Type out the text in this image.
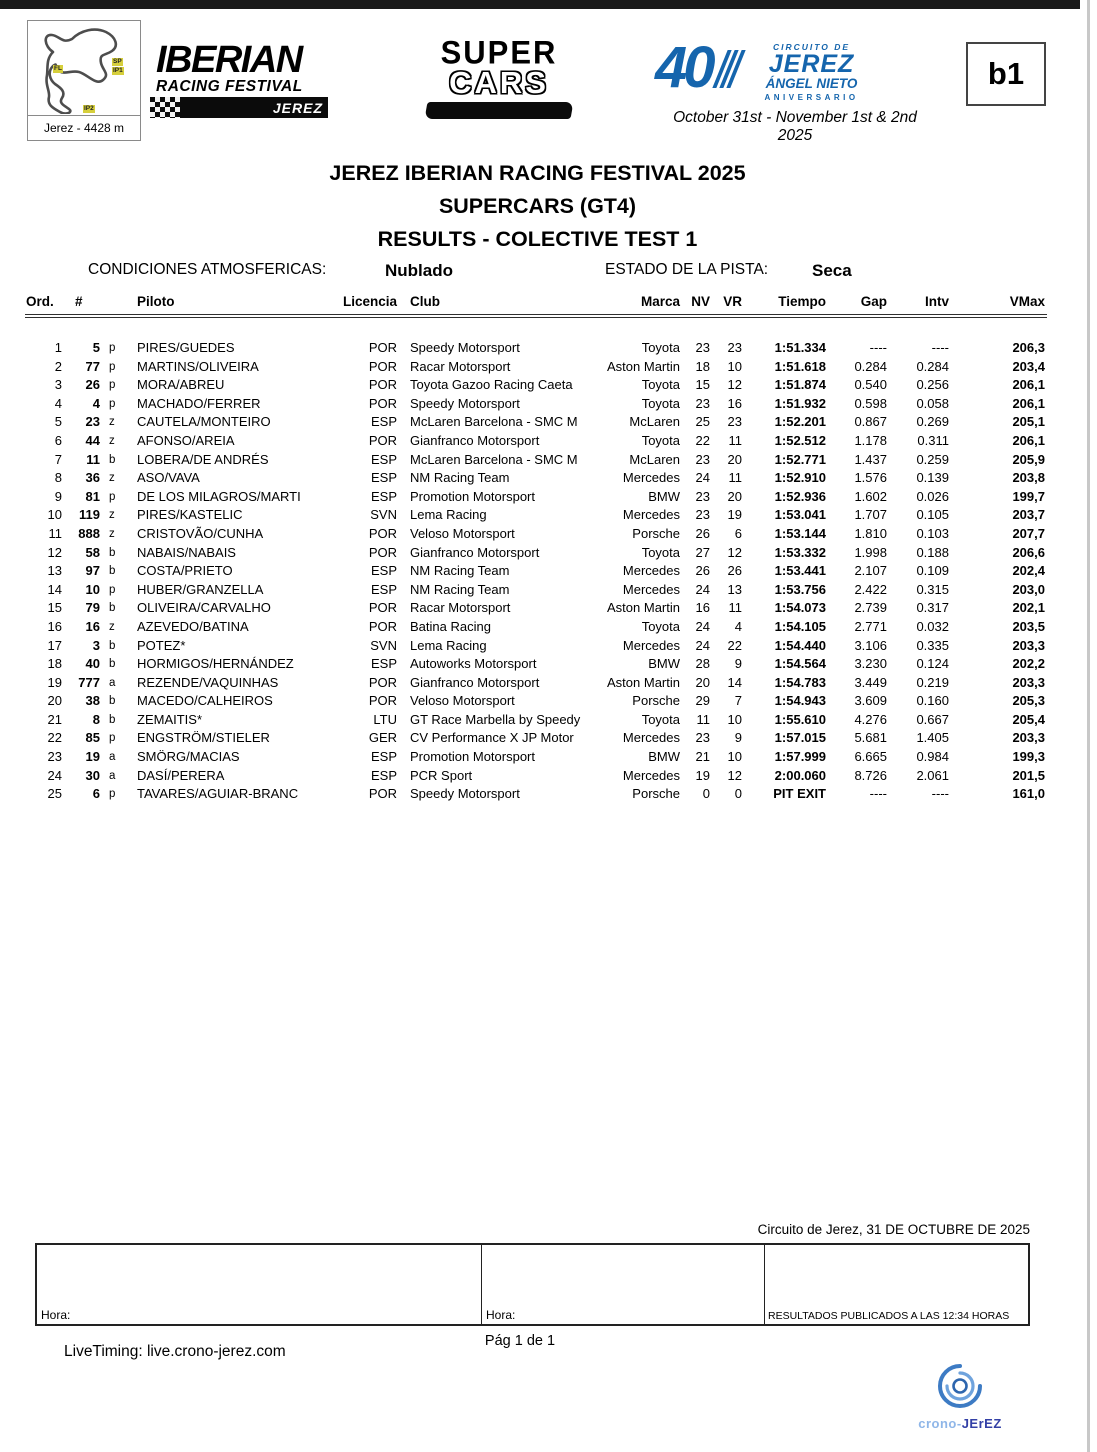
SP
IP1
FL
IP2
Jerez - 4428 m
IBERIAN
RACING FESTIVAL
JEREZ
SUPER
CARS	4 0	CIRCUITO DE
JEREZ
ÁNGEL NIETO
ANIVERSARIO
October 31st - November 1st & 2nd 2025
b1
JEREZ IBERIAN RACING FESTIVAL 2025
SUPERCARS (GT4)
RESULTS - COLECTIVE TEST 1
CONDICIONES ATMOSFERICAS:	Nublado	ESTADO DE LA PISTA:	Seca
Ord.	#		Piloto	Licencia	Club	Marca	NV	VR	Tiempo	Gap	Intv	VMax

1	5	p	PIRES/GUEDES	POR	Speedy Motorsport	Toyota	23	23	1:51.334	----	----	206,3
2	77	p	MARTINS/OLIVEIRA	POR	Racar Motorsport	Aston Martin	18	10	1:51.618	0.284	0.284	203,4
3	26	p	MORA/ABREU	POR	Toyota Gazoo Racing Caeta	Toyota	15	12	1:51.874	0.540	0.256	206,1
4	4	p	MACHADO/FERRER	POR	Speedy Motorsport	Toyota	23	16	1:51.932	0.598	0.058	206,1
5	23	z	CAUTELA/MONTEIRO	ESP	McLaren Barcelona - SMC M	McLaren	25	23	1:52.201	0.867	0.269	205,1
6	44	z	AFONSO/AREIA	POR	Gianfranco Motorsport	Toyota	22	11	1:52.512	1.178	0.311	206,1
7	11	b	LOBERA/DE ANDRÉS	ESP	McLaren Barcelona - SMC M	McLaren	23	20	1:52.771	1.437	0.259	205,9
8	36	z	ASO/VAVA	ESP	NM Racing Team	Mercedes	24	11	1:52.910	1.576	0.139	203,8
9	81	p	DE LOS MILAGROS/MARTI	ESP	Promotion Motorsport	BMW	23	20	1:52.936	1.602	0.026	199,7
10	119	z	PIRES/KASTELIC	SVN	Lema Racing	Mercedes	23	19	1:53.041	1.707	0.105	203,7
11	888	z	CRISTOVÃO/CUNHA	POR	Veloso Motorsport	Porsche	26	6	1:53.144	1.810	0.103	207,7
12	58	b	NABAIS/NABAIS	POR	Gianfranco Motorsport	Toyota	27	12	1:53.332	1.998	0.188	206,6
13	97	b	COSTA/PRIETO	ESP	NM Racing Team	Mercedes	26	26	1:53.441	2.107	0.109	202,4
14	10	p	HUBER/GRANZELLA	ESP	NM Racing Team	Mercedes	24	13	1:53.756	2.422	0.315	203,0
15	79	b	OLIVEIRA/CARVALHO	POR	Racar Motorsport	Aston Martin	16	11	1:54.073	2.739	0.317	202,1
16	16	z	AZEVEDO/BATINA	POR	Batina Racing	Toyota	24	4	1:54.105	2.771	0.032	203,5
17	3	b	POTEZ*	SVN	Lema Racing	Mercedes	24	22	1:54.440	3.106	0.335	203,3
18	40	b	HORMIGOS/HERNÁNDEZ	ESP	Autoworks Motorsport	BMW	28	9	1:54.564	3.230	0.124	202,2
19	777	a	REZENDE/VAQUINHAS	POR	Gianfranco Motorsport	Aston Martin	20	14	1:54.783	3.449	0.219	203,3
20	38	b	MACEDO/CALHEIROS	POR	Veloso Motorsport	Porsche	29	7	1:54.943	3.609	0.160	205,3
21	8	b	ZEMAITIS*	LTU	GT Race Marbella by Speedy	Toyota	11	10	1:55.610	4.276	0.667	205,4
22	85	p	ENGSTRÖM/STIELER	GER	CV Performance X JP Motor	Mercedes	23	9	1:57.015	5.681	1.405	203,3
23	19	a	SMÖRG/MACIAS	ESP	Promotion Motorsport	BMW	21	10	1:57.999	6.665	0.984	199,3
24	30	a	DASÍ/PERERA	ESP	PCR Sport	Mercedes	19	12	2:00.060	8.726	2.061	201,5
25	6	p	TAVARES/AGUIAR-BRANC	POR	Speedy Motorsport	Porsche	0	0	PIT EXIT	----	----	161,0
Circuito de Jerez, 31 DE OCTUBRE DE 2025
Hora:	Hora:	RESULTADOS PUBLICADOS A LAS 12:34 HORAS
Pág 1 de 1
LiveTiming: live.crono-jerez.com
crono-JErEZ
